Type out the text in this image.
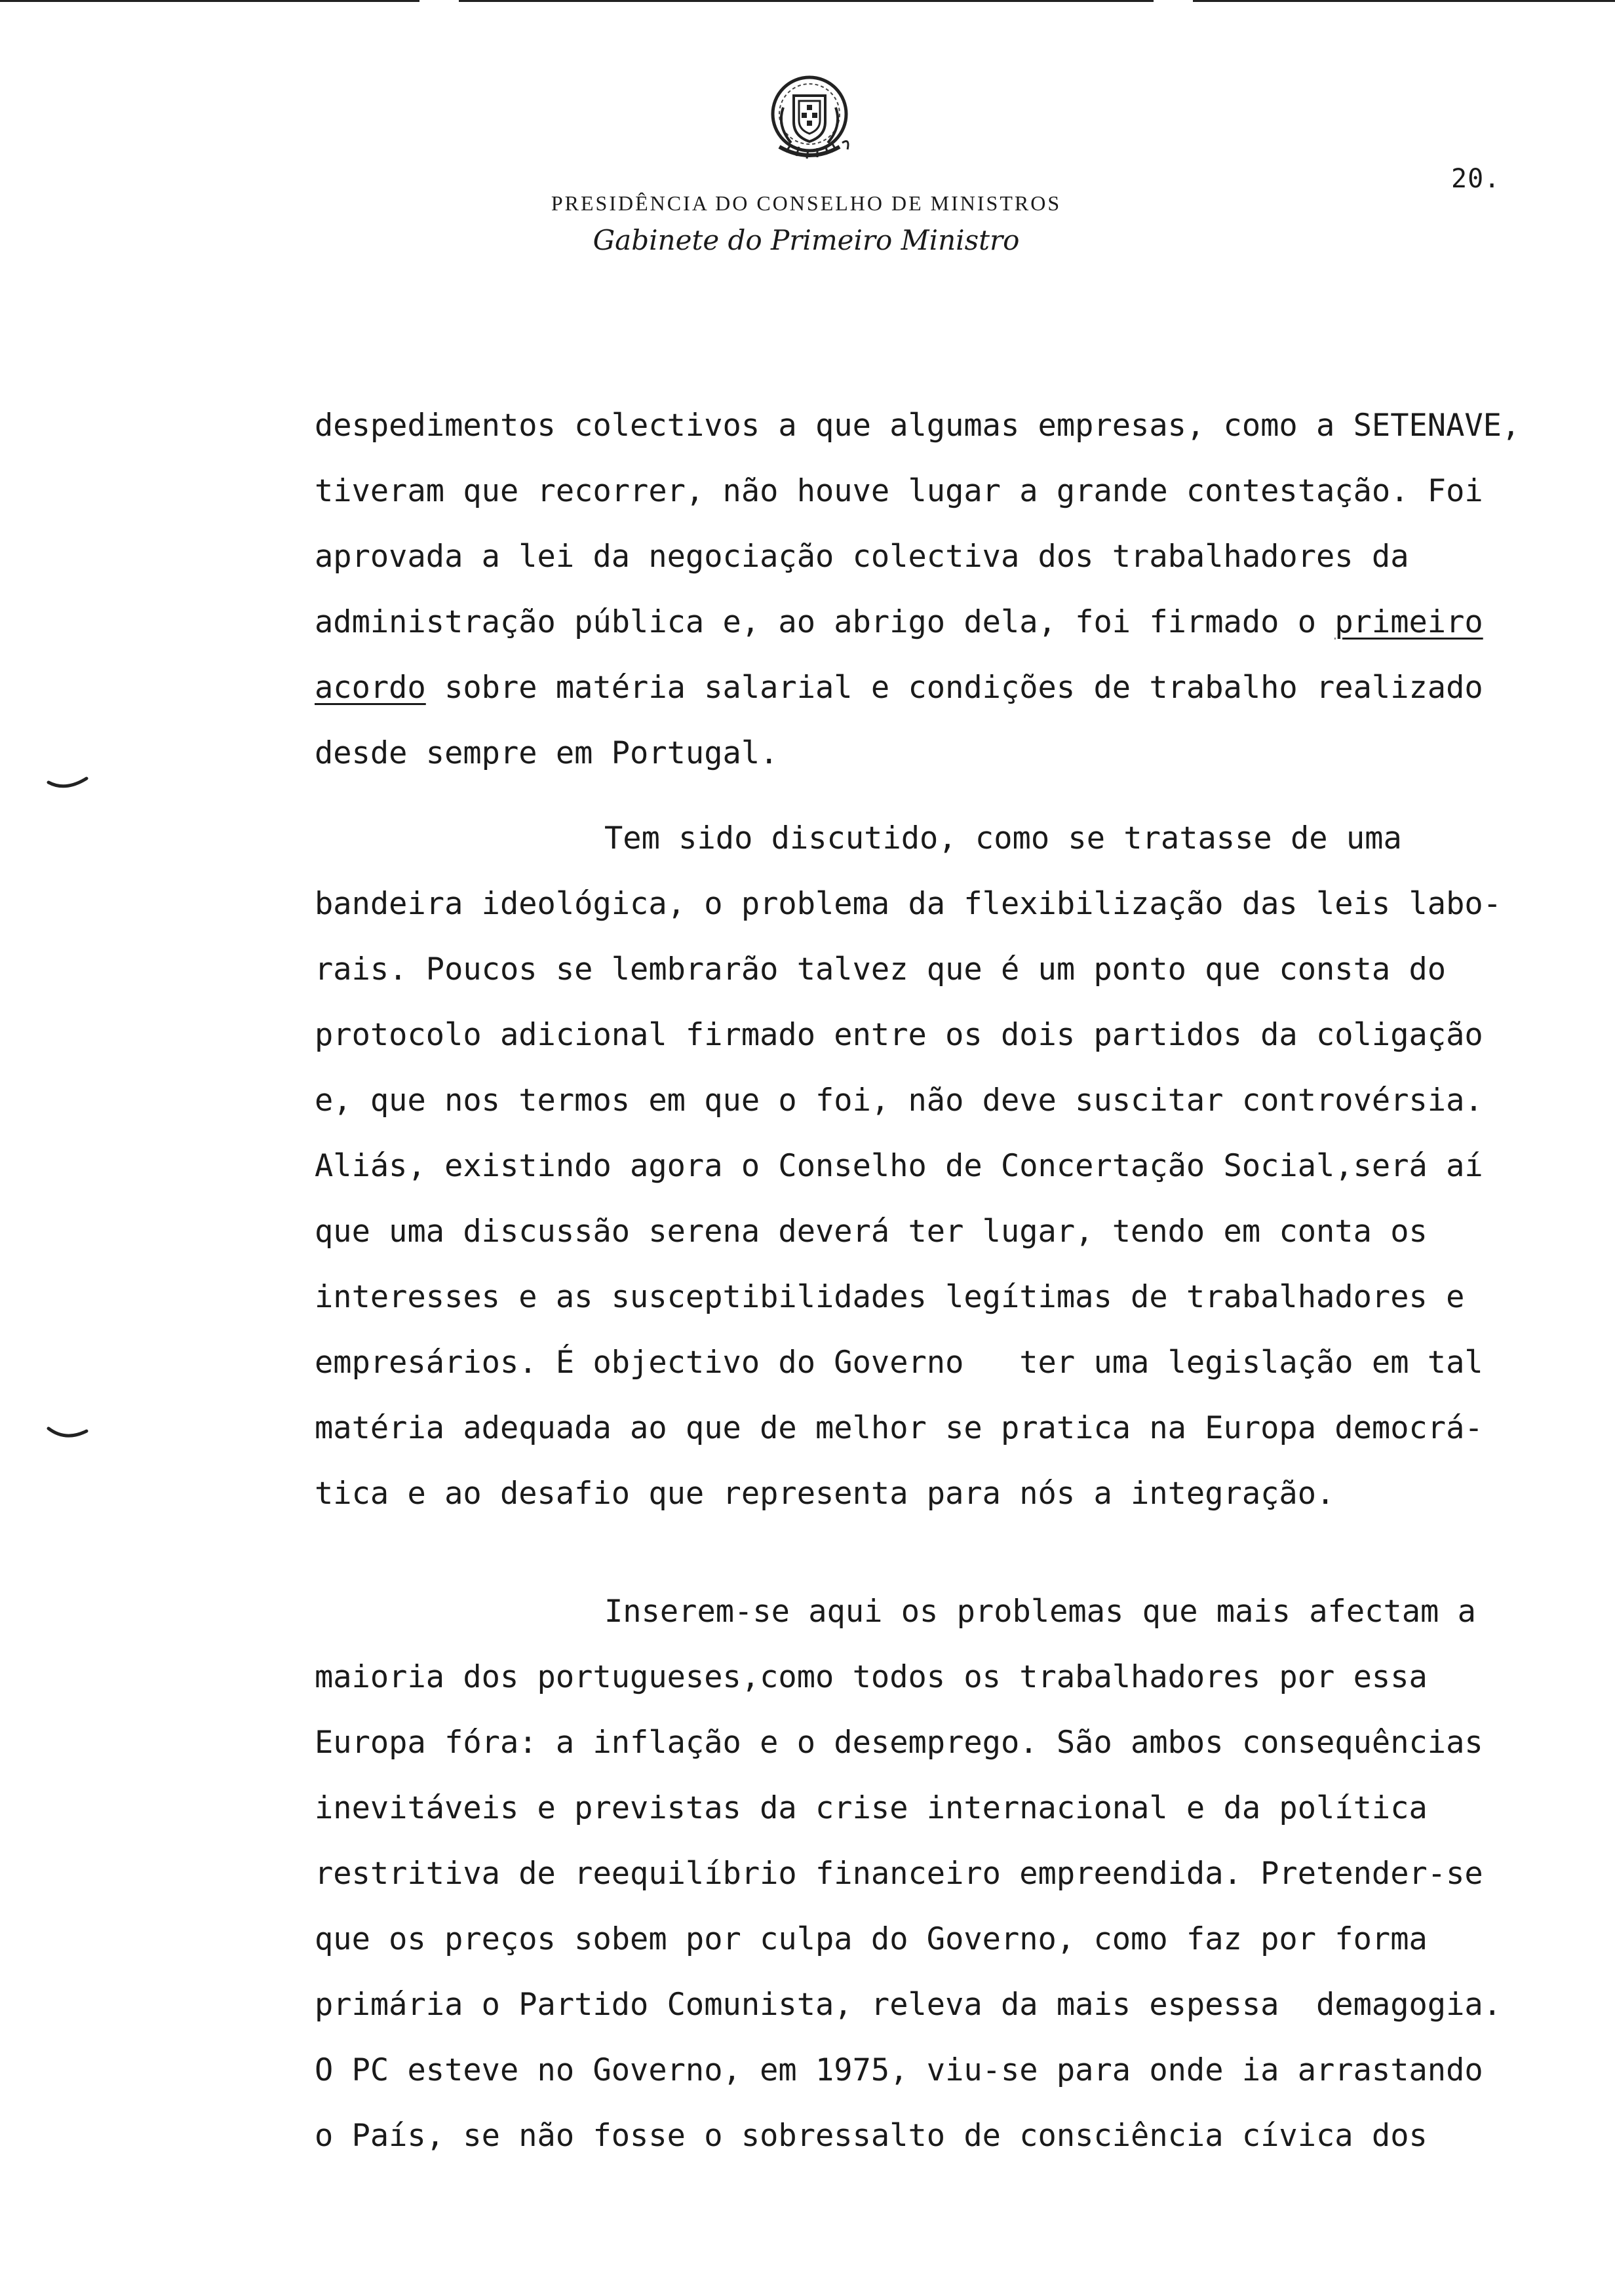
20.
PRESIDÊNCIA DO CONSELHO DE MINISTROS
Gabinete do Primeiro Ministro
despedimentos colectivos a que algumas empresas, como a SETENAVE,
tiveram que recorrer, não houve lugar a grande contestação. Foi
aprovada a lei da negociação colectiva dos trabalhadores da
administração pública e, ao abrigo dela, foi firmado o primeiro
acordo sobre matéria salarial e condições de trabalho realizado
desde sempre em Portugal.
Tem sido discutido, como se tratasse de uma
bandeira ideológica, o problema da flexibilização das leis labo-
rais. Poucos se lembrarão talvez que é um ponto que consta do
protocolo adicional firmado entre os dois partidos da coligação
e, que nos termos em que o foi, não deve suscitar controvérsia.
Aliás, existindo agora o Conselho de Concertação Social,será aí
que uma discussão serena deverá ter lugar, tendo em conta os
interesses e as susceptibilidades legítimas de trabalhadores e
empresários. É objectivo do Governo   ter uma legislação em tal
matéria adequada ao que de melhor se pratica na Europa democrá-
tica e ao desafio que representa para nós a integração.
Inserem-se aqui os problemas que mais afectam a
maioria dos portugueses,como todos os trabalhadores por essa
Europa fóra: a inflação e o desemprego. São ambos consequências
inevitáveis e previstas da crise internacional e da política
restritiva de reequilíbrio financeiro empreendida. Pretender-se
que os preços sobem por culpa do Governo, como faz por forma
primária o Partido Comunista, releva da mais espessa  demagogia.
O PC esteve no Governo, em 1975, viu-se para onde ia arrastando
o País, se não fosse o sobressalto de consciência cívica dos
